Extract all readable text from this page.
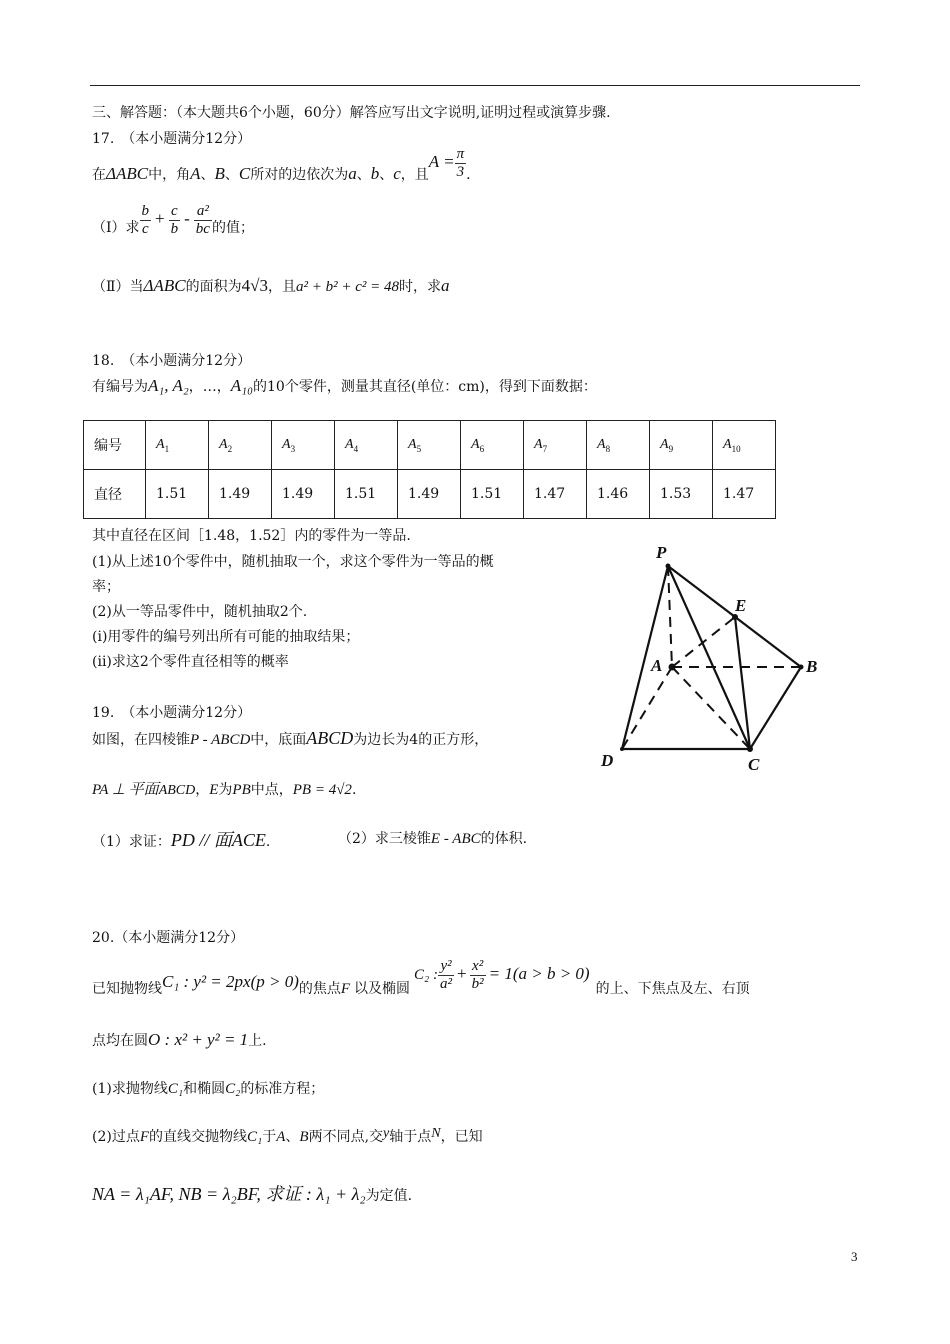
三、解答题：（本大题共6个小题，60分）解答应写出文字说明,证明过程或演算步骤.
17.　（本小题满分12分）
在ΔABC中，角A、B、C所对的边依次为a、b、c，且$A = \frac{\pi}{3}$ .
（Ⅰ）求 $\frac{b}{c} + \frac{c}{b} - \frac{\text{a²}}{bc}$ 的值；
（Ⅱ）当ΔABC的面积为4√3，且a² + b² + c² = 48时，求a
18.　（本小题满分12分）
有编号为A₁, A₂，…，A₁₀的10个零件，测量其直径(单位：cm)，得到下面数据：
编号	$A_1$	$A_2$	$A_3$	$A_4$	$A_5$	$A_6$	$A_7$	$A_8$	$A_9$	$A_{10}$
直径	1.51	1.49	1.49	1.51	1.49	1.51	1.47	1.46	1.53	1.47
其中直径在区间［1.48，1.52］内的零件为一等品.
(1)从上述10个零件中，随机抽取一个，求这个零件为一等品的概
率；
(2)从一等品零件中，随机抽取2个.
(i)用零件的编号列出所有可能的抽取结果；
(ii)求这2个零件直径相等的概率
P
E
A	B
D	C
19.　（本小题满分12分）
如图，在四棱锥P - ABCD中，底面ABCD为边长为4的正方形，
PA ⊥ 平面ABCD，E为PB中点，PB = 4√2.
（1）求证：PD // 面ACE.	（2）求三棱锥E - ABC的体积.
20.（本小题满分12分）
已知抛物线C₁ : y² = 2px(p > 0)的焦点F 以及椭圆C₂ : $\frac{\text{y²}}{\text{a²}} + \frac{\text{x²}}{\text{b²}} = 1(a > b > 0)$的上、下焦点及左、右顶
点均在圆O : x² + y² = 1上.
(1)求抛物线C₁和椭圆C₂的标准方程；
(2)过点F的直线交抛物线C₁于A、B两不同点,交y轴于点N，已知
NA = λ₁AF, NB = λ₂BF, 求证 : λ₁ + λ₂为定值.
3
